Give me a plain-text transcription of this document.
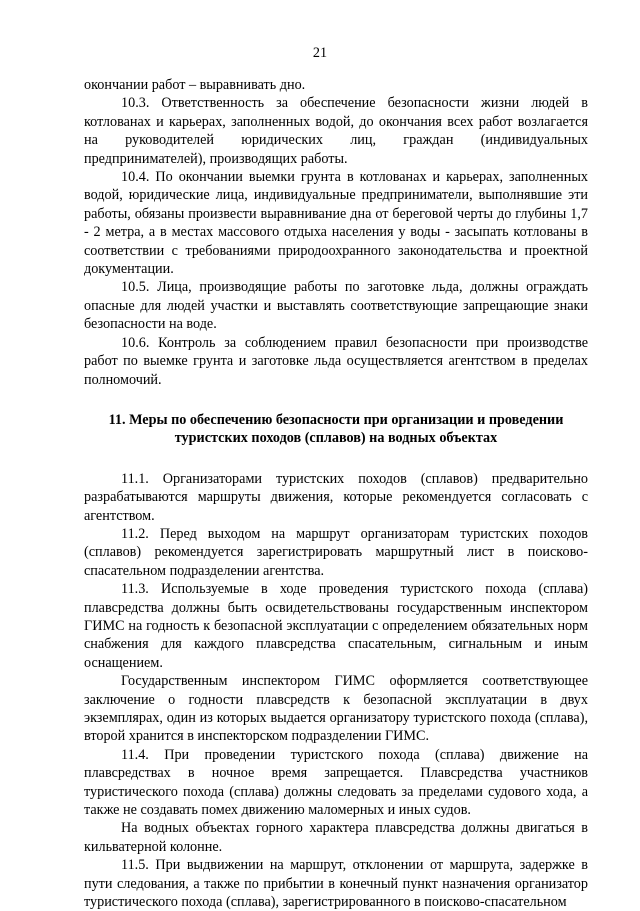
21

окончании работ – выравнивать дно.

10.3. Ответственность за обеспечение безопасности жизни людей в котлованах и карьерах, заполненных водой, до окончания всех работ возлагается на руководителей юридических лиц, граждан (индивидуальных предпринимателей), производящих работы.

10.4. По окончании выемки грунта в котлованах и карьерах, заполненных водой, юридические лица, индивидуальные предприниматели, выполнявшие эти работы, обязаны произвести выравнивание дна от береговой черты до глубины 1,7 - 2 метра, а в местах массового отдыха населения у воды - засыпать котлованы в соответствии с требованиями природоохранного законодательства и проектной документации.

10.5. Лица, производящие работы по заготовке льда, должны ограждать опасные для людей участки и выставлять соответствующие запрещающие знаки безопасности на воде.

10.6. Контроль за соблюдением правил безопасности при производстве работ по выемке грунта и заготовке льда осуществляется агентством в пределах полномочий.

11. Меры по обеспечению безопасности при организации и проведении
туристских походов (сплавов) на водных объектах

11.1. Организаторами туристских походов (сплавов) предварительно разрабатываются маршруты движения, которые рекомендуется согласовать с агентством.

11.2. Перед выходом на маршрут организаторам туристских походов (сплавов) рекомендуется зарегистрировать маршрутный лист в поисково-спасательном подразделении агентства.

11.3. Используемые в ходе проведения туристского похода (сплава) плавсредства должны быть освидетельствованы государственным инспектором ГИМС на годность к безопасной эксплуатации с определением обязательных норм снабжения для каждого плавсредства спасательным, сигнальным и иным оснащением.

Государственным инспектором ГИМС оформляется соответствующее заключение о годности плавсредств к безопасной эксплуатации в двух экземплярах, один из которых выдается организатору туристского похода (сплава), второй хранится в инспекторском подразделении ГИМС.

11.4. При проведении туристского похода (сплава) движение на плавсредствах в ночное время запрещается. Плавсредства участников туристического похода (сплава) должны следовать за пределами судового хода, а также не создавать помех движению маломерных и иных судов.

На водных объектах горного характера плавсредства должны двигаться в кильватерной колонне.

11.5. При выдвижении на маршрут, отклонении от маршрута, задержке в пути следования, а также по прибытии в конечный пункт назначения организатор туристического похода (сплава), зарегистрированного в поисково-спасательном
